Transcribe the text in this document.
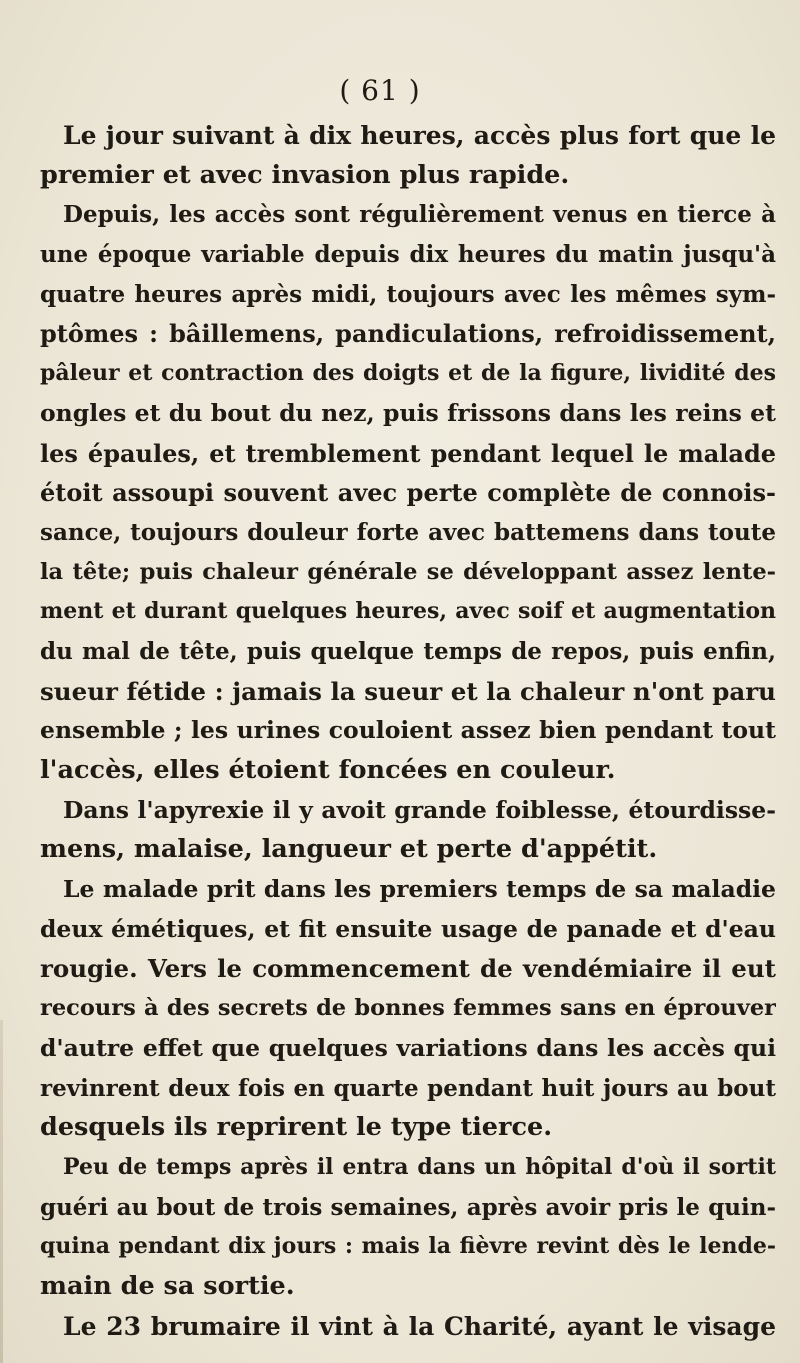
( 61 )
Le jour suivant à dix heures, accès plus fort que le
premier et avec invasion plus rapide.
Depuis, les accès sont régulièrement venus en tierce à
une époque variable depuis dix heures du matin jusqu'à
quatre heures après midi, toujours avec les mêmes sym-
ptômes : bâillemens, pandiculations, refroidissement,
pâleur et contraction des doigts et de la figure, lividité des
ongles et du bout du nez, puis frissons dans les reins et
les épaules, et tremblement pendant lequel le malade
étoit assoupi souvent avec perte complète de connois-
sance, toujours douleur forte avec battemens dans toute
la tête; puis chaleur générale se développant assez lente-
ment et durant quelques heures, avec soif et augmentation
du mal de tête, puis quelque temps de repos, puis enfin,
sueur fétide : jamais la sueur et la chaleur n'ont paru
ensemble ; les urines couloient assez bien pendant tout
l'accès, elles étoient foncées en couleur.
Dans l'apyrexie il y avoit grande foiblesse, étourdisse-
mens, malaise, langueur et perte d'appétit.
Le malade prit dans les premiers temps de sa maladie
deux émétiques, et fit ensuite usage de panade et d'eau
rougie. Vers le commencement de vendémiaire il eut
recours à des secrets de bonnes femmes sans en éprouver
d'autre effet que quelques variations dans les accès qui
revinrent deux fois en quarte pendant huit jours au bout
desquels ils reprirent le type tierce.
Peu de temps après il entra dans un hôpital d'où il sortit
guéri au bout de trois semaines, après avoir pris le quin-
quina pendant dix jours : mais la fièvre revint dès le lende-
main de sa sortie.
Le 23 brumaire il vint à la Charité, ayant le visage
